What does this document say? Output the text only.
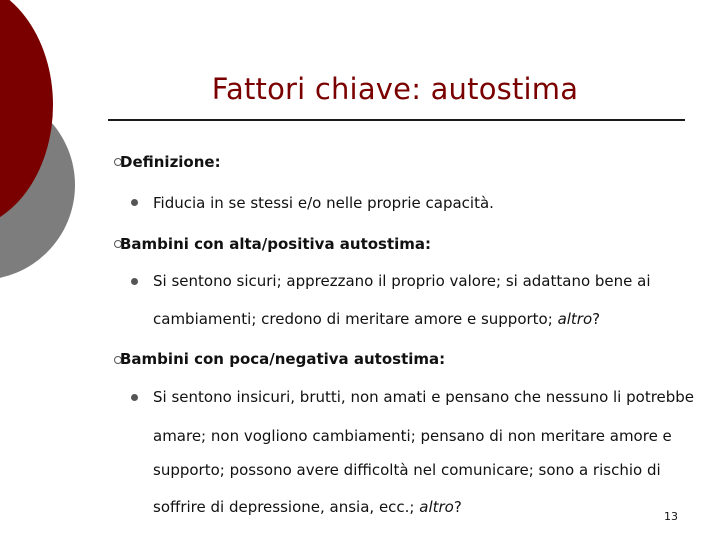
Fattori chiave: autostima
Definizione:
Fiducia in se stessi e/o nelle proprie capacità.
Bambini con alta/positiva autostima:
Si sentono sicuri; apprezzano il proprio valore; si adattano bene ai
cambiamenti; credono di meritare amore e supporto; altro?
Bambini con poca/negativa autostima:
Si sentono insicuri, brutti, non amati e pensano che nessuno li potrebbe
amare; non vogliono cambiamenti; pensano di non meritare amore e
supporto; possono avere difficoltà nel comunicare; sono a rischio di
soffrire di depressione, ansia, ecc.; altro?
13
